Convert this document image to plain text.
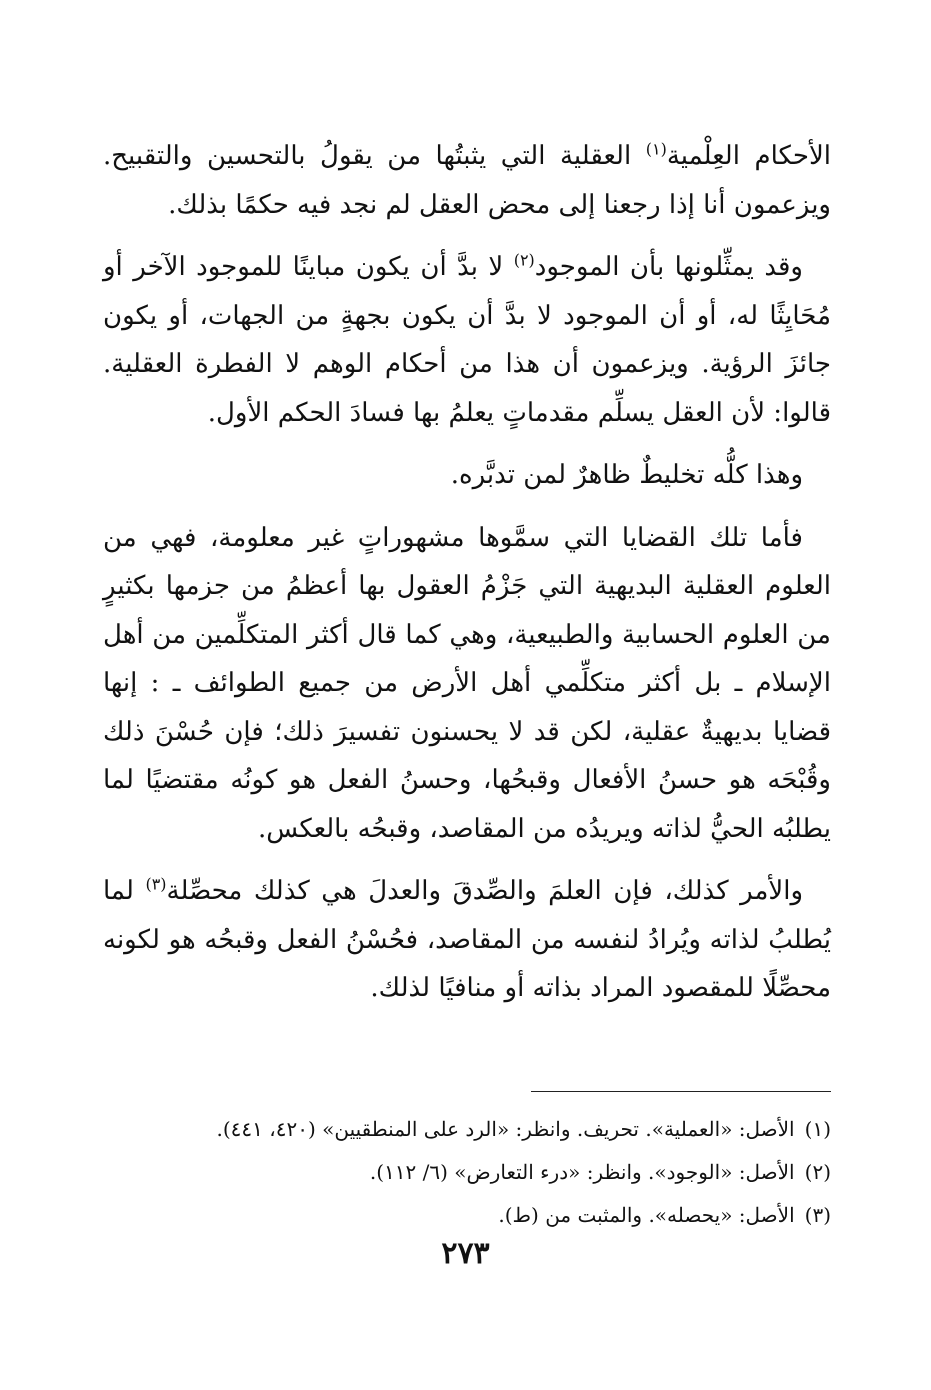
الأحكام العِلْمية$^{(١)}$ العقلية التي يثبتُها من يقولُ بالتحسين والتقبيح. ويزعمون أنا إذا رجعنا إلى محض العقل لم نجد فيه حكمًا بذلك.

وقد يمثِّلونها بأن الموجود$^{(٢)}$ لا بدَّ أن يكون مباينًا للموجود الآخر أو مُحَايِثًا له، أو أن الموجود لا بدَّ أن يكون بجهةٍ من الجهات، أو يكون جائزَ الرؤية. ويزعمون أن هذا من أحكام الوهم لا الفطرة العقلية. قالوا: لأن العقل يسلِّم مقدماتٍ يعلمُ بها فسادَ الحكم الأول.

وهذا كلُّه تخليطٌ ظاهرٌ لمن تدبَّره.

فأما تلك القضايا التي سمَّوها مشهوراتٍ غير معلومة، فهي من العلوم العقلية البديهية التي جَزْمُ العقول بها أعظمُ من جزمها بكثيرٍ من العلوم الحسابية والطبيعية، وهي كما قال أكثر المتكلِّمين من أهل الإسلام ـ بل أكثر متكلِّمي أهل الأرض من جميع الطوائف ـ : إنها قضايا بديهيةٌ عقلية، لكن قد لا يحسنون تفسيرَ ذلك؛ فإن حُسْنَ ذلك وقُبْحَه هو حسنُ الأفعال وقبحُها، وحسنُ الفعل هو كونُه مقتضيًا لما يطلبُه الحيُّ لذاته ويريدُه من المقاصد، وقبحُه بالعكس.

والأمر كذلك، فإن العلمَ والصِّدقَ والعدلَ هي كذلك محصِّلة$^{(٣)}$ لما يُطلبُ لذاته ويُرادُ لنفسه من المقاصد، فحُسْنُ الفعل وقبحُه هو لكونه محصِّلًا للمقصود المراد بذاته أو منافيًا لذلك.

(١)الأصل: «العملية». تحريف. وانظر: «الرد على المنطقيين» (٤٢٠، ٤٤١).
(٢)الأصل: «الوجود». وانظر: «درء التعارض» (٦/ ١١٢).
(٣)الأصل: «يحصله». والمثبت من (ط).
٢٧٣
